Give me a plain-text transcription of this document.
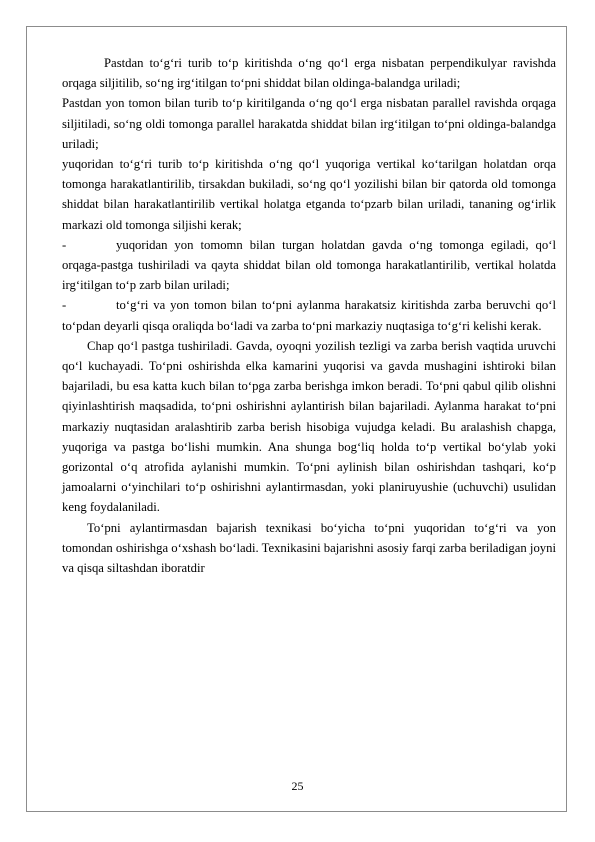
Pastdan to‘g‘ri turib to‘p kiritishda o‘ng qo‘l erga nisbatan perpendikulyar ravishda orqaga siljitilib, so‘ng irg‘itilgan to‘pni shiddat bilan oldinga-balandga uriladi;

Pastdan yon tomon bilan turib to‘p kiritilganda o‘ng qo‘l erga nisbatan parallel ravishda orqaga siljitiladi, so‘ng oldi tomonga parallel harakatda shiddat bilan irg‘itilgan to‘pni oldinga-balandga uriladi;

yuqoridan to‘g‘ri turib to‘p kiritishda o‘ng qo‘l yuqoriga vertikal ko‘tarilgan holatdan orqa tomonga harakatlantirilib, tirsakdan bukiladi, so‘ng qo‘l yozilishi bilan bir qatorda old tomonga shiddat bilan harakatlantirilib vertikal holatga etganda to‘pzarb bilan uriladi, tananing og‘irlik markazi old tomonga siljishi kerak;

-	yuqoridan yon tomomn bilan turgan holatdan gavda o‘ng tomonga egiladi, qo‘l orqaga-pastga tushiriladi va qayta shiddat bilan old tomonga harakatlantirilib, vertikal holatda irg‘itilgan to‘p zarb bilan uriladi;

-	to‘g‘ri va yon tomon bilan to‘pni aylanma harakatsiz kiritishda zarba beruvchi qo‘l to‘pdan deyarli qisqa oraliqda bo‘ladi va zarba to‘pni markaziy nuqtasiga to‘g‘ri kelishi kerak.

Chap qo‘l pastga tushiriladi. Gavda, oyoqni yozilish tezligi va zarba berish vaqtida uruvchi qo‘l kuchayadi. To‘pni oshirishda elka kamarini yuqorisi va gavda mushagini ishtiroki bilan bajariladi, bu esa katta kuch bilan to‘pga zarba berishga imkon beradi. To‘pni qabul qilib olishni qiyinlashtirish maqsadida, to‘pni oshirishni aylantirish bilan bajariladi. Aylanma harakat to‘pni markaziy nuqtasidan aralashtirib zarba berish hisobiga vujudga keladi. Bu aralashish chapga, yuqoriga va pastga bo‘lishi mumkin. Ana shunga bog‘liq holda to‘p vertikal bo‘ylab yoki gorizontal o‘q atrofida aylanishi mumkin. To‘pni aylinish bilan oshirishdan tashqari, ko‘p jamoalarni o‘yinchilari to‘p oshirishni aylantirmasdan, yoki planiruyushie (uchuvchi) usulidan keng foydalaniladi.

To‘pni aylantirmasdan bajarish texnikasi bo‘yicha to‘pni yuqoridan to‘g‘ri va yon tomondan oshirishga o‘xshash bo‘ladi. Texnikasini bajarishni asosiy farqi zarba beriladigan joyni va qisqa siltashdan iboratdir

25
